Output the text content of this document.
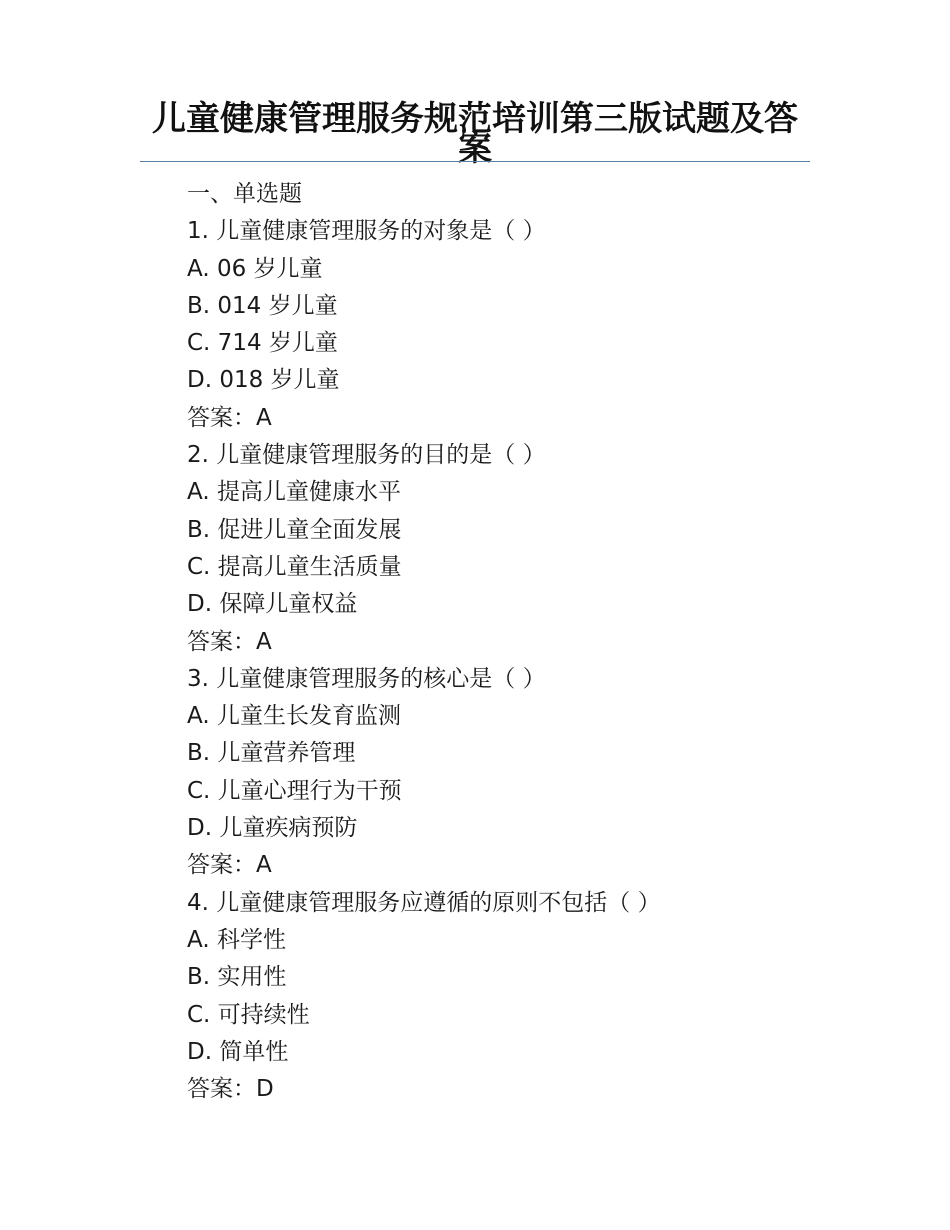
儿童健康管理服务规范培训第三版试题及答案
一、单选题
1. 儿童健康管理服务的对象是（ ）
A. 06 岁儿童
B. 014 岁儿童
C. 714 岁儿童
D. 018 岁儿童
答案：A
2. 儿童健康管理服务的目的是（ ）
A. 提高儿童健康水平
B. 促进儿童全面发展
C. 提高儿童生活质量
D. 保障儿童权益
答案：A
3. 儿童健康管理服务的核心是（ ）
A. 儿童生长发育监测
B. 儿童营养管理
C. 儿童心理行为干预
D. 儿童疾病预防
答案：A
4. 儿童健康管理服务应遵循的原则不包括（ ）
A. 科学性
B. 实用性
C. 可持续性
D. 简单性
答案：D
